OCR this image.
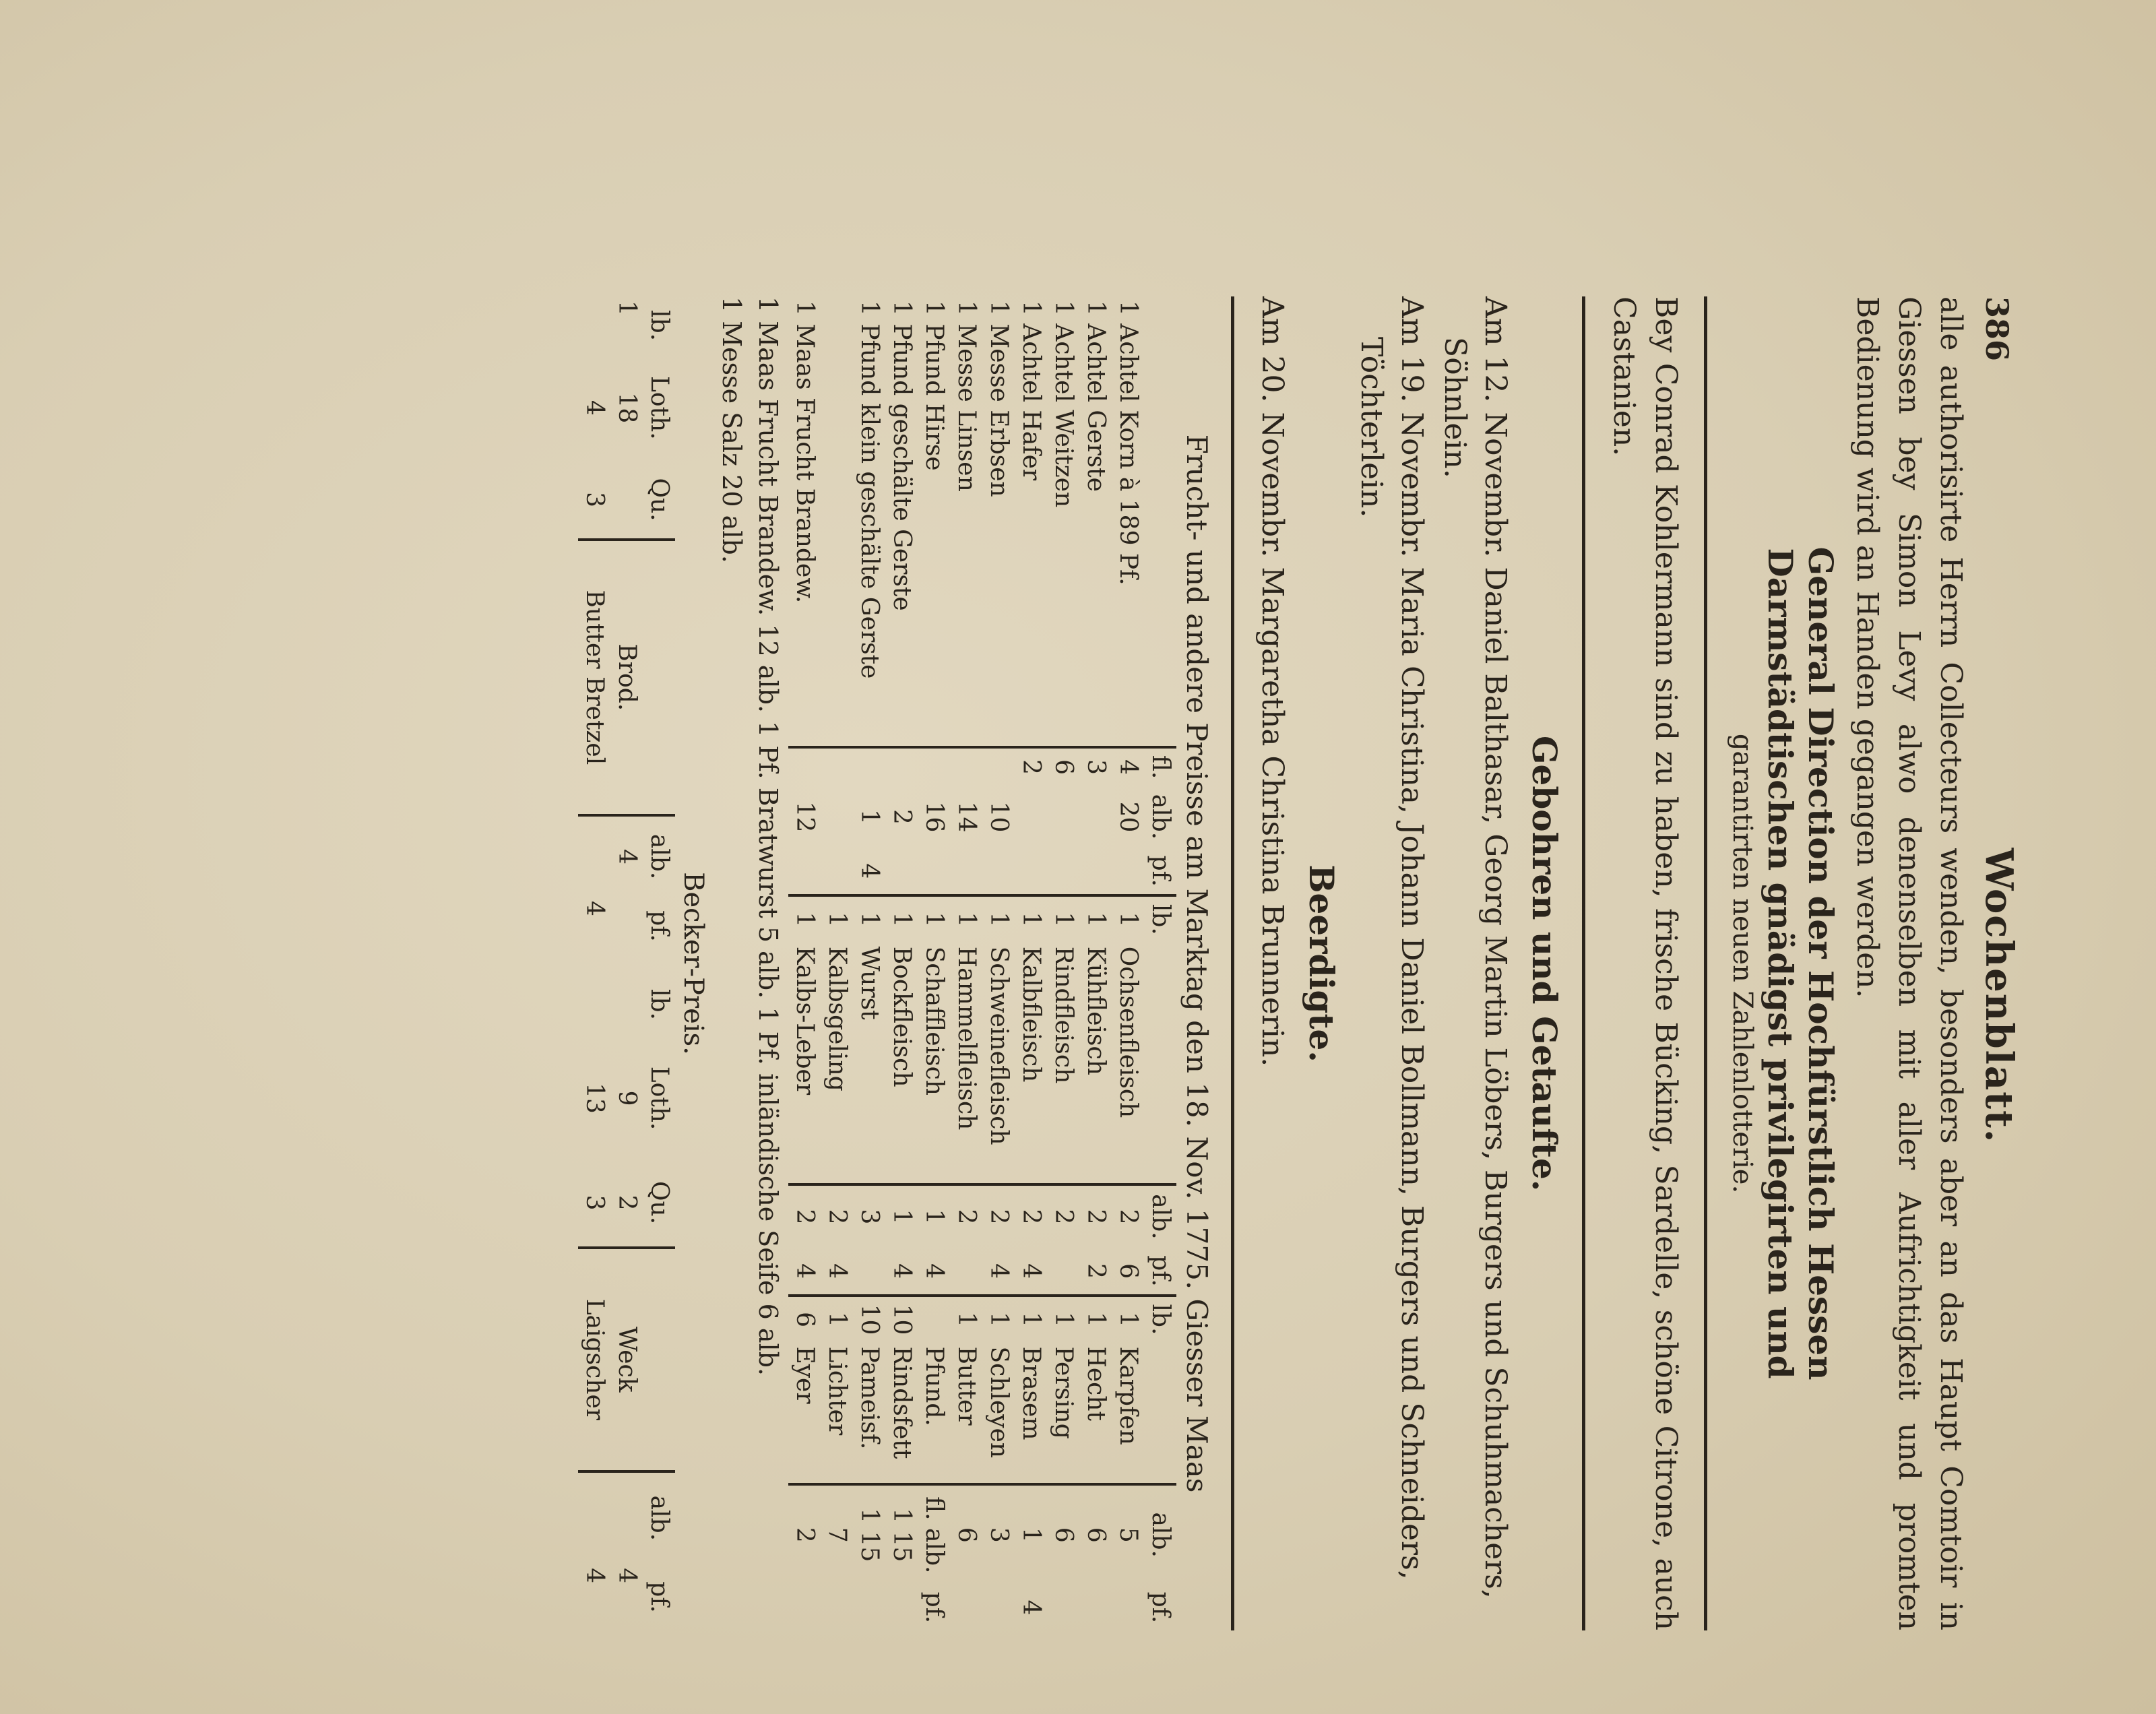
386
Wochenblatt.

alle authorisirte Herrn Collecteurs wenden, besonders aber an das Haupt Comtoir in Giessen bey Simon Levy alwo denenselben mit aller Aufrichtigkeit und promten Bedienung wird an Handen gegangen werden.

General Direction der Hochfürstlich Hessen
Darmstädtischen gnädigst privilegirten und
garantirten neuen Zahlenlotterie.

Bey Conrad Kohlermann sind zu haben, frische Bücking, Sardelle, schöne Citrone, auch Castanien.

Gebohren und Getaufte.
Am 12. Novembr. Daniel Balthasar, Georg Martin Löbers, Burgers und Schuhmachers, Söhnlein.
Am 19. Novembr. Maria Christina, Johann Daniel Bollmann, Burgers und Schneiders, Töchterlein.
Beerdigte.
Am 20. Novembr. Margaretha Christina Brunnerin.
Frucht- und andere Preisse am Marktag den 18. Nov. 1775. Giesser Maas
	fl.	alb.	pf.	lb.		alb.	pf.	lb.		alb.	pf.
1 Achtel Korn à 189 Pf.	4	20		1	Ochsenfleisch	2	6	1	Karpfen	5	
1 Achtel Gerste	3			1	Kühfleisch	2	2	1	Hecht	6	
1 Achtel Weitzen	6			1	Rindfleisch	2		1	Persing	6	
1 Achtel Hafer	2			1	Kalbfleisch	2	4	1	Brasem	1	4
1 Messe Erbsen		10		1	Schweinefleisch	2	4	1	Schleyen	3	
1 Messe Linsen		14		1	Hammelfleisch	2		1	Butter	6	
1 Pfund Hirse		16		1	Schaffleisch	1	4		Pfund.	fl. alb.	pf.
1 Pfund geschälte Gerste		2		1	Bockfleisch	1	4	10	Rindsfett	1 15	
1 Pfund klein geschälte Gerste		1	4	1	Wurst	3		10	Pameisf.	1 15	
				1	Kalbsgeling	2	4	1	Lichter	7	
1 Maas Frucht Brandew.		12		1	Kalbs-Leber	2	4	6	Eyer	2	
1 Maas Frucht Brandew. 12 alb. 1 Pf. Bratwurst 5 alb. 1 Pf. inländische Seife 6 alb.
1 Messe Salz 20 alb.
Becker-Preis.
lb.	Loth.	Qu.		alb.	pf.
1	18		Brod.	4	
	4	3	Butter Bretzel		4
lb.	Loth.	Qu.		alb.	pf.
	9	2	Weck		4
	13	3	Laigscher		4
